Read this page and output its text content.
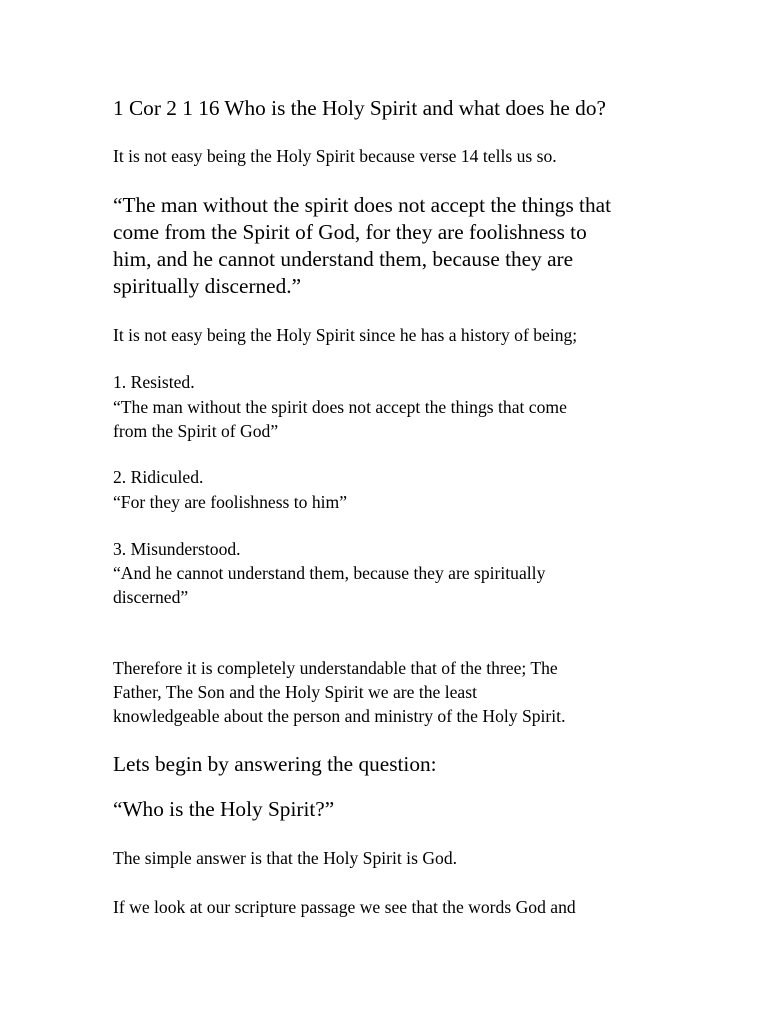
1 Cor 2 1 16 Who is the Holy Spirit and what does he do?
It is not easy being the Holy Spirit because verse 14 tells us so.
“The man without the spirit does not accept the things that
come from the Spirit of God, for they are foolishness to
him, and he cannot understand them, because they are
spiritually discerned.”
It is not easy being the Holy Spirit since he has a history of being;
1. Resisted.
“The man without the spirit does not accept the things that come
from the Spirit of God”
2. Ridiculed.
“For they are foolishness to him”
3. Misunderstood.
“And he cannot understand them, because they are spiritually
discerned”
Therefore it is completely understandable that of the three; The
Father, The Son and the Holy Spirit we are the least
knowledgeable about the person and ministry of the Holy Spirit.
Lets begin by answering the question:
“Who is the Holy Spirit?”
The simple answer is that the Holy Spirit is God.
If we look at our scripture passage we see that the words God and
